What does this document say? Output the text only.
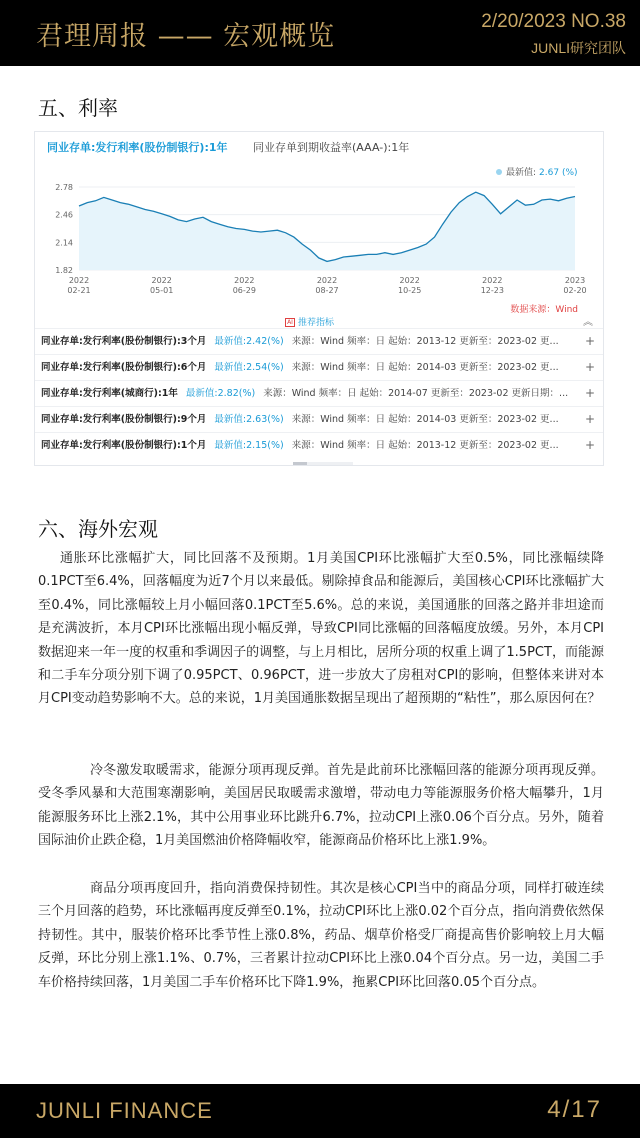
君理周报 —— 宏观概览	2/20/2023 NO.38
JUNLI研究团队
五、利率
同业存单:发行利率(股份制银行):1年 同业存单到期收益率(AAA-):1年
最新值: 2.67 (%)
1.82
2.14
2.46
2.78
2022
02-21
2022
05-01
2022
06-29
2022
08-27
2022
10-25
2022
12-23
2023
02-20
数据来源：Wind
AI 推荐指标	︽
同业存单:发行利率(股份制银行):3个月 最新值:2.42(%) 来源：Wind 频率：日 起始：2013-12 更新至：2023-02 更... +
同业存单:发行利率(股份制银行):6个月 最新值:2.54(%) 来源：Wind 频率：日 起始：2014-03 更新至：2023-02 更... +
同业存单:发行利率(城商行):1年 最新值:2.82(%) 来源：Wind 频率：日 起始：2014-07 更新至：2023-02 更新日期：... +
同业存单:发行利率(股份制银行):9个月 最新值:2.63(%) 来源：Wind 频率：日 起始：2014-03 更新至：2023-02 更... +
同业存单:发行利率(股份制银行):1个月 最新值:2.15(%) 来源：Wind 频率：日 起始：2013-12 更新至：2023-02 更... +
六、海外宏观
通胀环比涨幅扩大，同比回落不及预期。1月美国CPI环比涨幅扩大至0.5%，同比涨幅续降0.1PCT至6.4%，回落幅度为近7个月以来最低。剔除掉食品和能源后，美国核心CPI环比涨幅扩大至0.4%，同比涨幅较上月小幅回落0.1PCT至5.6%。总的来说，美国通胀的回落之路并非坦途而是充满波折，本月CPI环比涨幅出现小幅反弹，导致CPI同比涨幅的回落幅度放缓。另外，本月CPI数据迎来一年一度的权重和季调因子的调整，与上月相比，居所分项的权重上调了1.5PCT，而能源和二手车分项分别下调了0.95PCT、0.96PCT，进一步放大了房租对CPI的影响，但整体来讲对本月CPI变动趋势影响不大。总的来说，1月美国通胀数据呈现出了超预期的“粘性”，那么原因何在？
冷冬激发取暖需求，能源分项再现反弹。首先是此前环比涨幅回落的能源分项再现反弹。受冬季风暴和大范围寒潮影响，美国居民取暖需求激增，带动电力等能源服务价格大幅攀升，1月能源服务环比上涨2.1%，其中公用事业环比跳升6.7%，拉动CPI上涨0.06个百分点。另外，随着国际油价止跌企稳，1月美国燃油价格降幅收窄，能源商品价格环比上涨1.9%。
商品分项再度回升，指向消费保持韧性。其次是核心CPI当中的商品分项，同样打破连续三个月回落的趋势，环比涨幅再度反弹至0.1%，拉动CPI环比上涨0.02个百分点，指向消费依然保持韧性。其中，服装价格环比季节性上涨0.8%，药品、烟草价格受厂商提高售价影响较上月大幅反弹，环比分别上涨1.1%、0.7%，三者累计拉动CPI环比上涨0.04个百分点。另一边，美国二手车价格持续回落，1月美国二手车价格环比下降1.9%，拖累CPI环比回落0.05个百分点。
JUNLI FINANCE	4/17
